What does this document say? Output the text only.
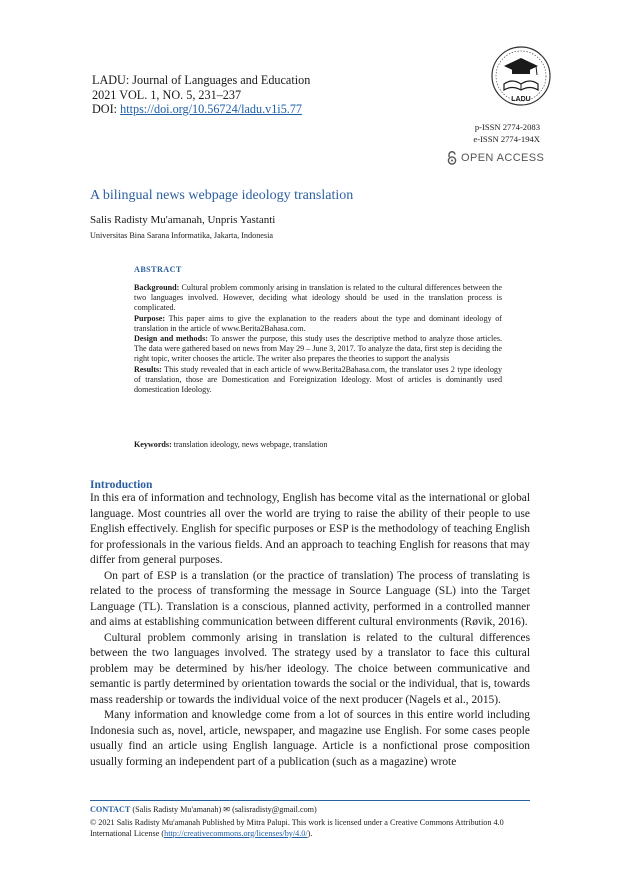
LADU: Journal of Languages and Education
2021 VOL. 1, NO. 5, 231–237
DOI: https://doi.org/10.56724/ladu.v1i5.77
LADU
p-ISSN 2774-2083
e-ISSN 2774-194X
OPEN ACCESS
A bilingual news webpage ideology translation
Salis Radisty Mu'amanah, Unpris Yastanti
Universitas Bina Sarana Informatika, Jakarta, Indonesia
ABSTRACT

Background: Cultural problem commonly arising in translation is related to the cultural differences between the two languages involved. However, deciding what ideology should be used in the translation process is complicated.

Purpose: This paper aims to give the explanation to the readers about the type and dominant ideology of translation in the article of www.Berita2Bahasa.com.

Design and methods: To answer the purpose, this study uses the descriptive method to analyze those articles. The data were gathered based on news from May 29 – June 3, 2017. To analyze the data, first step is deciding the right topic, writer chooses the article. The writer also prepares the theories to support the analysis

Results: This study revealed that in each article of www.Berita2Bahasa.com, the translator uses 2 type ideology of translation, those are Domestication and Foreignization Ideology. Most of articles is dominantly used domestication Ideology.

Keywords: translation ideology, news webpage, translation
Introduction

In this era of information and technology, English has become vital as the international or global language. Most countries all over the world are trying to raise the ability of their people to use English effectively. English for specific purposes or ESP is the methodology of teaching English for professionals in the various fields. And an approach to teaching English for reasons that may differ from general purposes.

On part of ESP is a translation (or the practice of translation) The process of translating is related to the process of transforming the message in Source Language (SL) into the Target Language (TL). Translation is a conscious, planned activity, performed in a controlled manner and aims at establishing communication between different cultural environments (Røvik, 2016).

Cultural problem commonly arising in translation is related to the cultural differences between the two languages involved. The strategy used by a translator to face this cultural problem may be determined by his/her ideology. The choice between communicative and semantic is partly determined by orientation towards the social or the individual, that is, towards mass readership or towards the individual voice of the next producer (Nagels et al., 2015).

Many information and knowledge come from a lot of sources in this entire world including Indonesia such as, novel, article, newspaper, and magazine use English. For some cases people usually find an article using English language. Article is a nonfictional prose composition usually forming an independent part of a publication (such as a magazine) wrote

CONTACT (Salis Radisty Mu'amanah) ✉ (salisradisty@gmail.com)
© 2021 Salis Radisty Mu'amanah Published by Mitra Palupi. This work is licensed under a Creative Commons Attribution 4.0 International License (http://creativecommons.org/licenses/by/4.0/).
